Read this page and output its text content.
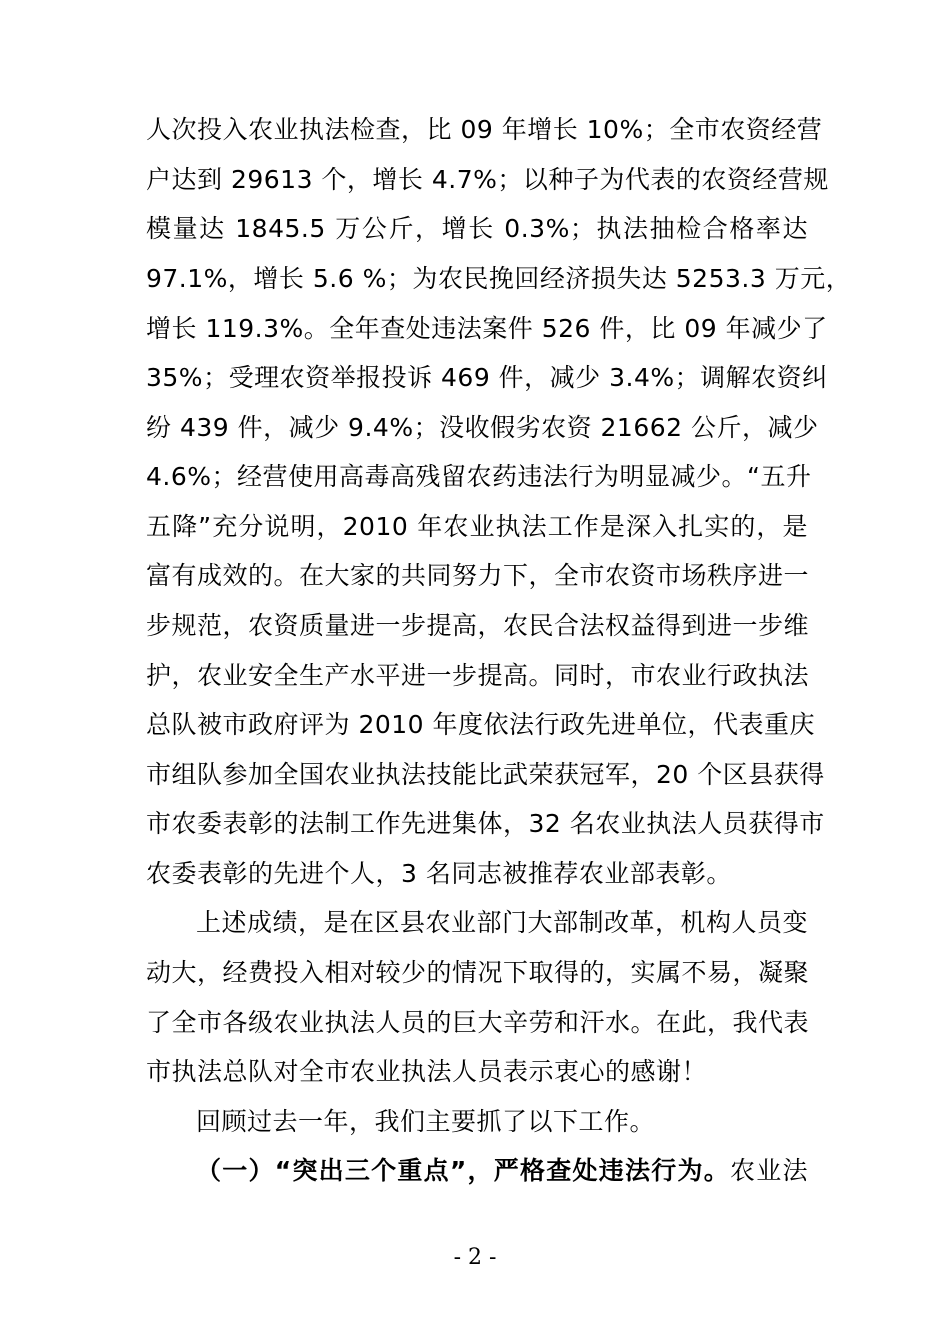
人次投入农业执法检查，比 09 年增长 10%；全市农资经营
户达到 29613 个，增长 4.7%；以种子为代表的农资经营规
模量达 1845.5 万公斤，增长 0.3%；执法抽检合格率达
97.1%，增长 5.6 %；为农民挽回经济损失达 5253.3 万元，
增长 119.3%。全年查处违法案件 526 件，比 09 年减少了
35%；受理农资举报投诉 469 件，减少 3.4%；调解农资纠
纷 439 件，减少 9.4%；没收假劣农资 21662 公斤，减少
4.6%；经营使用高毒高残留农药违法行为明显减少。“五升
五降”充分说明，2010 年农业执法工作是深入扎实的，是
富有成效的。在大家的共同努力下，全市农资市场秩序进一
步规范，农资质量进一步提高，农民合法权益得到进一步维
护，农业安全生产水平进一步提高。同时，市农业行政执法
总队被市政府评为 2010 年度依法行政先进单位，代表重庆
市组队参加全国农业执法技能比武荣获冠军，20 个区县获得
市农委表彰的法制工作先进集体，32 名农业执法人员获得市
农委表彰的先进个人，3 名同志被推荐农业部表彰。
上述成绩，是在区县农业部门大部制改革，机构人员变
动大，经费投入相对较少的情况下取得的，实属不易，凝聚
了全市各级农业执法人员的巨大辛劳和汗水。在此，我代表
市执法总队对全市农业执法人员表示衷心的感谢！
回顾过去一年，我们主要抓了以下工作。
（一）“突出三个重点”，严格查处违法行为。农业法
- 2 -
